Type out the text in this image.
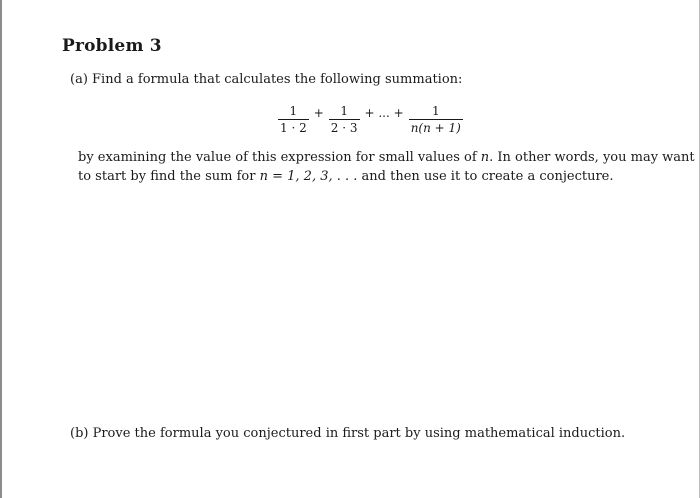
Problem 3
(a) Find a formula that calculates the following summation:
$\frac{1}{1 \cdot 2} + \frac{1}{2 \cdot 3}$ + ... + $\frac{1}{n(n + 1)}$
by examining the value of this expression for small values of n. In other words, you may want
to start by find the sum for n = 1, 2, 3, . . . and then use it to create a conjecture.
(b) Prove the formula you conjectured in first part by using mathematical induction.
